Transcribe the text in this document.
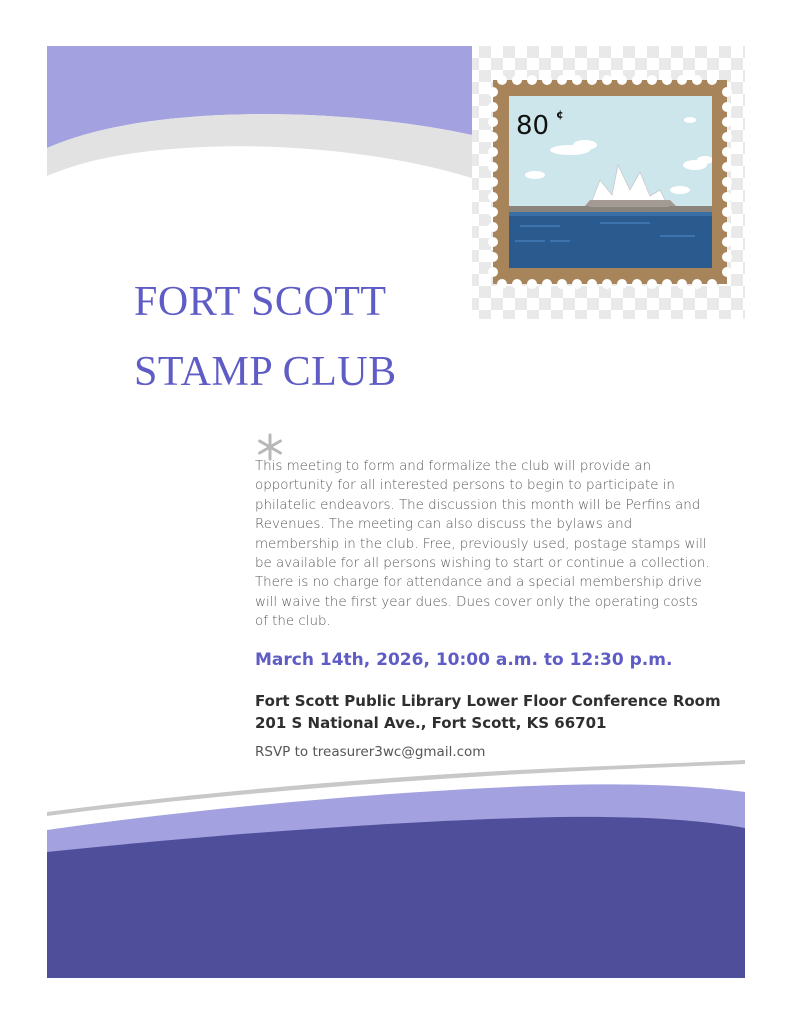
80 ¢
FORT SCOTT
STAMP CLUB

This meeting to form and formalize the club will provide an opportunity for all interested persons to begin to participate in philatelic endeavors. The discussion this month will be Perfins and Revenues. The meeting can also discuss the bylaws and membership in the club. Free, previously used, postage stamps will be available for all persons wishing to start or continue a collection. There is no charge for attendance and a special membership drive will waive the first year dues. Dues cover only the operating costs of the club.

March 14th, 2026, 10:00 a.m. to 12:30 p.m.

Fort Scott Public Library Lower Floor Conference Room 201 S National Ave., Fort Scott, KS 66701

RSVP to treasurer3wc@gmail.com
